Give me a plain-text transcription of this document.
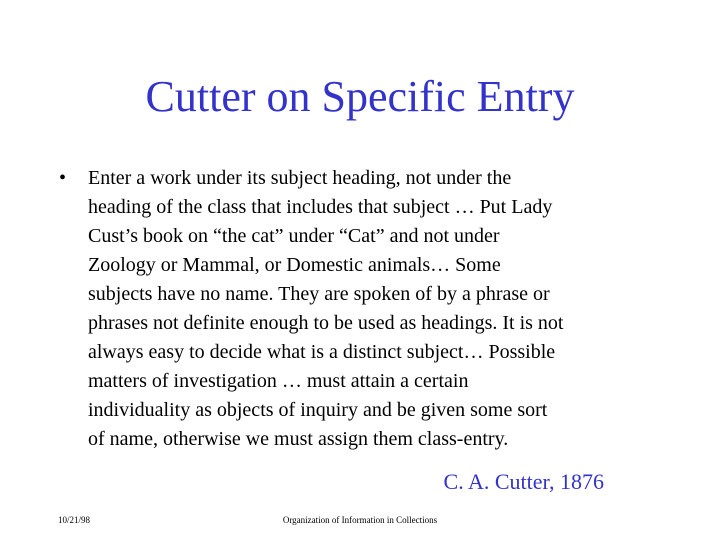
Cutter on Specific Entry
•	Enter a work under its subject heading, not under the
heading of the class that includes that subject … Put Lady
Cust’s book on “the cat” under “Cat” and not under
Zoology or Mammal, or Domestic animals… Some
subjects have no name. They are spoken of by a phrase or
phrases not definite enough to be used as headings. It is not
always easy to decide what is a distinct subject… Possible
matters of investigation … must attain a certain
individuality as objects of inquiry and be given some sort
of name, otherwise we must assign them class-entry.
C. A. Cutter, 1876
10/21/98	Organization of Information in Collections
